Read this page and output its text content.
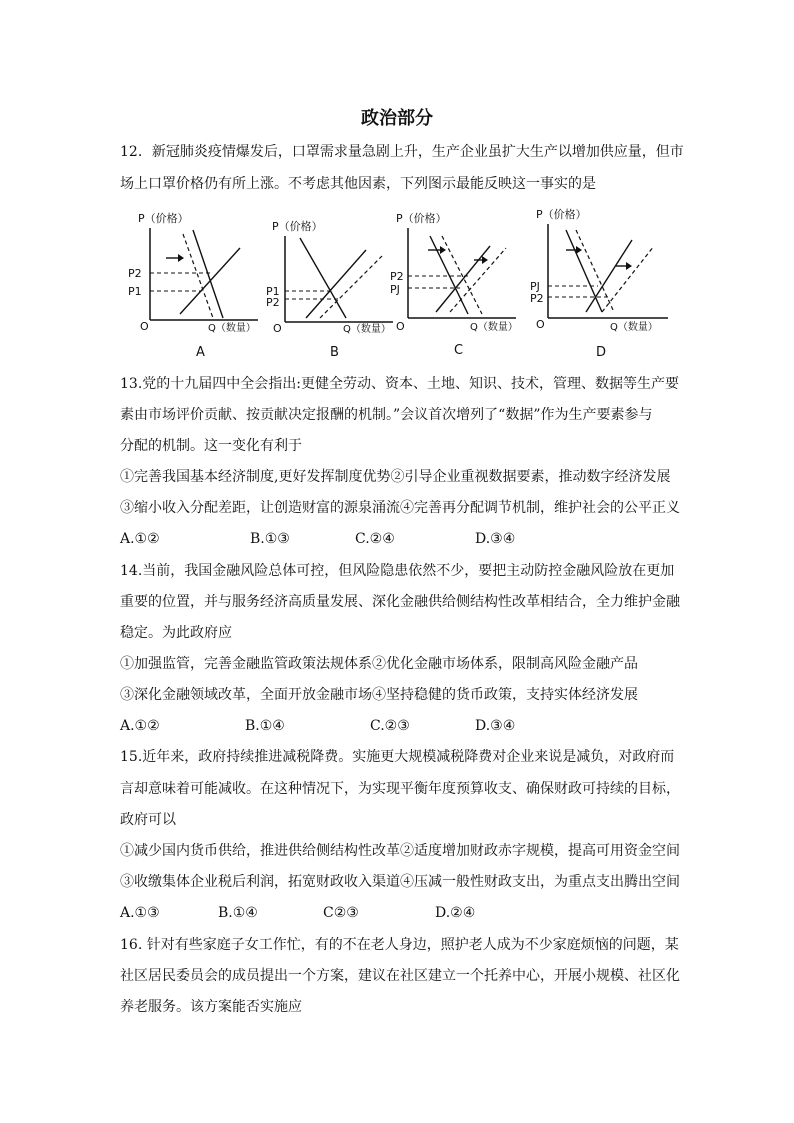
政治部分
12．新冠肺炎疫情爆发后，口罩需求量急剧上升，生产企业虽扩大生产以增加供应量，但市
场上口罩价格仍有所上涨。不考虑其他因素，下列图示最能反映这一事实的是
P（价格）
O	Q（数量）
P2
P1
A
P（价格）
O	Q（数量）
P1
P2
B
P（价格）
O	Q（数量）
P2
PJ
C
P（价格）
O	Q（数量）
PJ
P2
D
13.党的十九届四中全会指出:更健全劳动、资本、土地、知识、技术，管理、数据等生产要
素由市场评价贡献、按贡献决定报酬的机制。”会议首次增列了“数据”作为生产要素参与
分配的机制。这一变化有利于
①完善我国基本经济制度,更好发挥制度优势②引导企业重视数据要素，推动数字经济发展
③缩小收入分配差距，让创造财富的源泉涌流④完善再分配调节机制，维护社会的公平正义
A.①②	B.①③	C.②④	D.③④
14.当前，我国金融风险总体可控，但风险隐患依然不少，要把主动防控金融风险放在更加
重要的位置，并与服务经济高质量发展、深化金融供给侧结构性改革相结合，全力维护金融
稳定。为此政府应
①加强监管，完善金融监管政策法规体系②优化金融市场体系，限制高风险金融产品
③深化金融领域改革，全面开放金融市场④坚持稳健的货币政策，支持实体经济发展
A.①②	B.①④	C.②③	D.③④
15.近年来，政府持续推进减税降费。实施更大规模减税降费对企业来说是减负，对政府而
言却意味着可能减收。在这种情况下，为实现平衡年度预算收支、确保财政可持续的目标，
政府可以
①减少国内货币供给，推进供给侧结构性改革②适度增加财政赤字规模，提高可用资金空间
③收缴集体企业税后利润，拓宽财政收入渠道④压减一般性财政支出，为重点支出腾出空间
A.①③	B.①④	C②③	D.②④
16. 针对有些家庭子女工作忙，有的不在老人身边，照护老人成为不少家庭烦恼的问题，某
社区居民委员会的成员提出一个方案，建议在社区建立一个托养中心，开展小规模、社区化
养老服务。该方案能否实施应
